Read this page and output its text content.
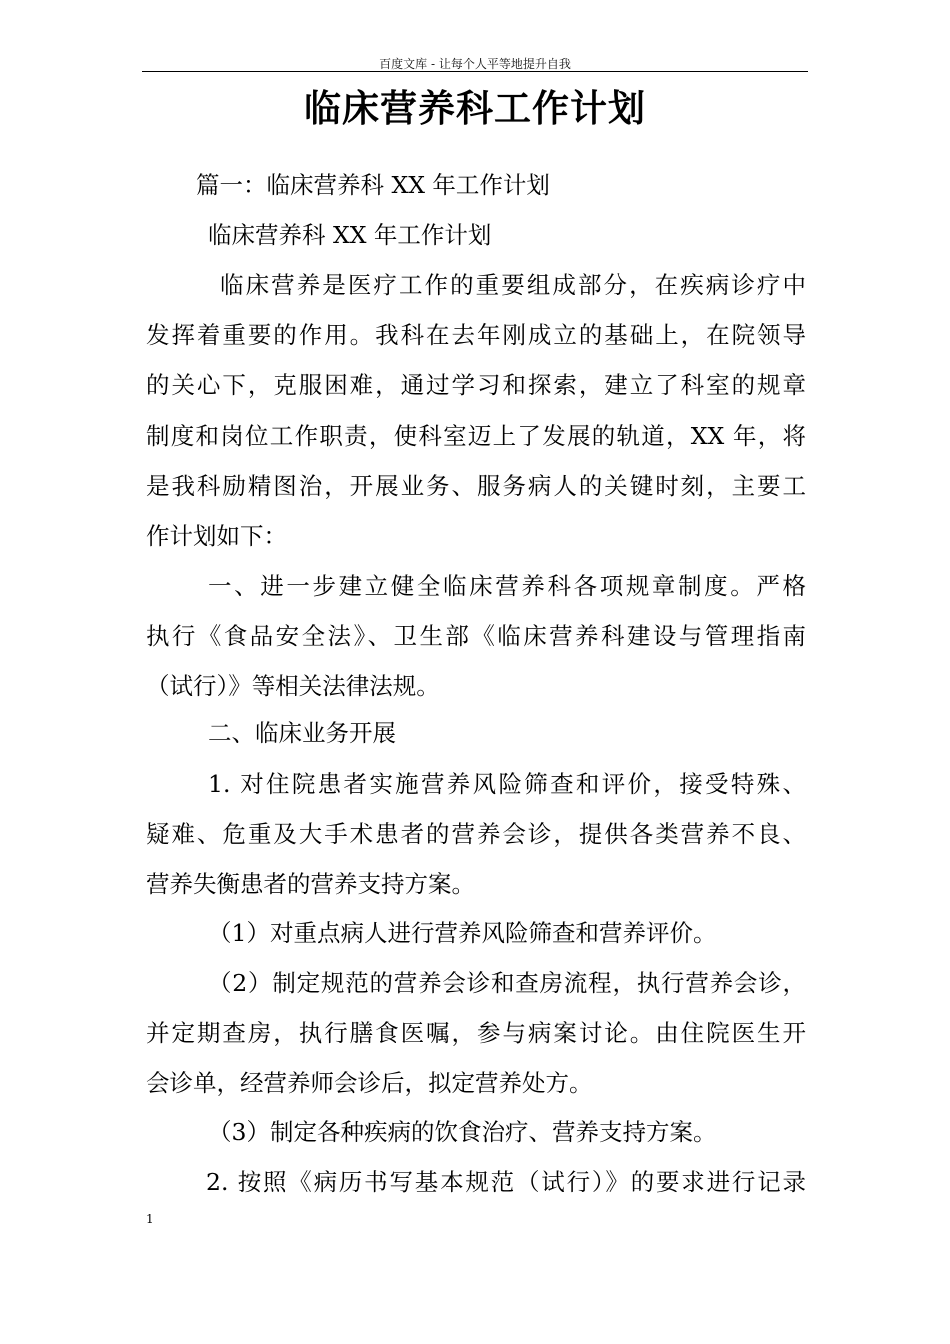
百度文库 - 让每个人平等地提升自我
临床营养科工作计划
篇一：临床营养科 XX 年工作计划
临床营养科 XX 年工作计划
临床营养是医疗工作的重要组成部分，在疾病诊疗中
发挥着重要的作用。我科在去年刚成立的基础上，在院领导
的关心下，克服困难，通过学习和探索，建立了科室的规章
制度和岗位工作职责，使科室迈上了发展的轨道，XX 年，将
是我科励精图治，开展业务、服务病人的关键时刻，主要工
作计划如下：
一、进一步建立健全临床营养科各项规章制度。严格
执行《食品安全法》、卫生部《临床营养科建设与管理指南
（试行）》等相关法律法规。
二、临床业务开展
1. 对住院患者实施营养风险筛查和评价，接受特殊、
疑难、危重及大手术患者的营养会诊，提供各类营养不良、
营养失衡患者的营养支持方案。
（1）对重点病人进行营养风险筛查和营养评价。
（2）制定规范的营养会诊和查房流程，执行营养会诊，
并定期查房，执行膳食医嘱，参与病案讨论。由住院医生开
会诊单，经营养师会诊后，拟定营养处方。
（3）制定各种疾病的饮食治疗、营养支持方案。
2. 按照《病历书写基本规范（试行）》的要求进行记录
1
